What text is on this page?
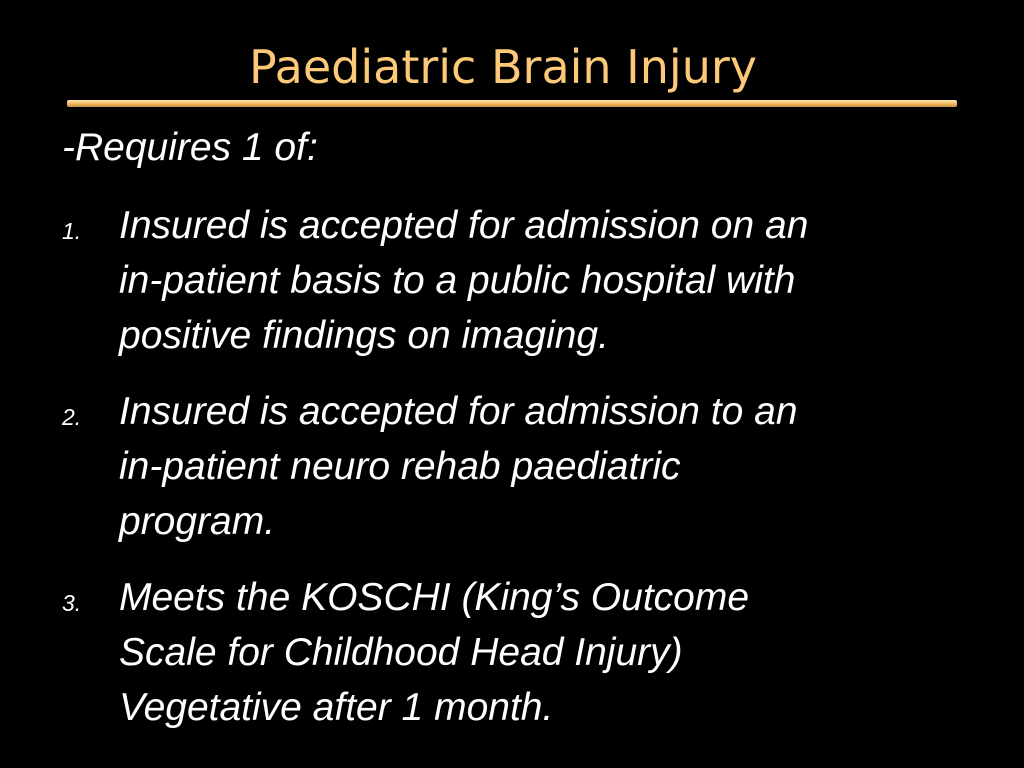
Paediatric Brain Injury
-Requires 1 of:
1. Insured is accepted for admission on an
in-patient basis to a public hospital with
positive findings on imaging.
2. Insured is accepted for admission to an
in-patient neuro rehab paediatric
program.
3. Meets the KOSCHI (King’s Outcome
Scale for Childhood Head Injury)
Vegetative after 1 month.
